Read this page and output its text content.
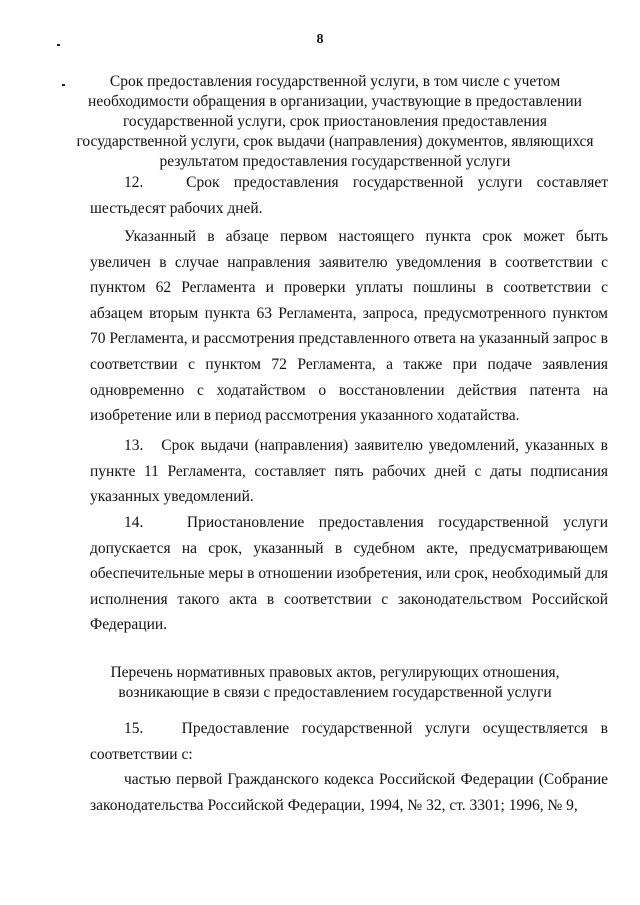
8
Срок предоставления государственной услуги, в том числе с учетом необходимости обращения в организации, участвующие в предоставлении государственной услуги, срок приостановления предоставления государственной услуги, срок выдачи (направления) документов, являющихся результатом предоставления государственной услуги

12.   Срок предоставления государственной услуги составляет шестьдесят рабочих дней.

Указанный в абзаце первом настоящего пункта срок может быть увеличен в случае направления заявителю уведомления в соответствии с пунктом 62 Регламента и проверки уплаты пошлины в соответствии с абзацем вторым пункта 63 Регламента, запроса, предусмотренного пунктом 70 Регламента, и рассмотрения представленного ответа на указанный запрос в соответствии с пунктом 72 Регламента, а также при подаче заявления одновременно с ходатайством о восстановлении действия патента на изобретение или в период рассмотрения указанного ходатайства.

13.   Срок выдачи (направления) заявителю уведомлений, указанных в пункте 11 Регламента, составляет пять рабочих дней с даты подписания указанных уведомлений.

14.   Приостановление предоставления государственной услуги допускается на срок, указанный в судебном акте, предусматривающем обеспечительные меры в отношении изобретения, или срок, необходимый для исполнения такого акта в соответствии с законодательством Российской Федерации.

Перечень нормативных правовых актов, регулирующих отношения, возникающие в связи с предоставлением государственной услуги

15.   Предоставление государственной услуги осуществляется в соответствии с:

частью первой Гражданского кодекса Российской Федерации (Собрание законодательства Российской Федерации, 1994, № 32, ст. 3301; 1996, № 9,
